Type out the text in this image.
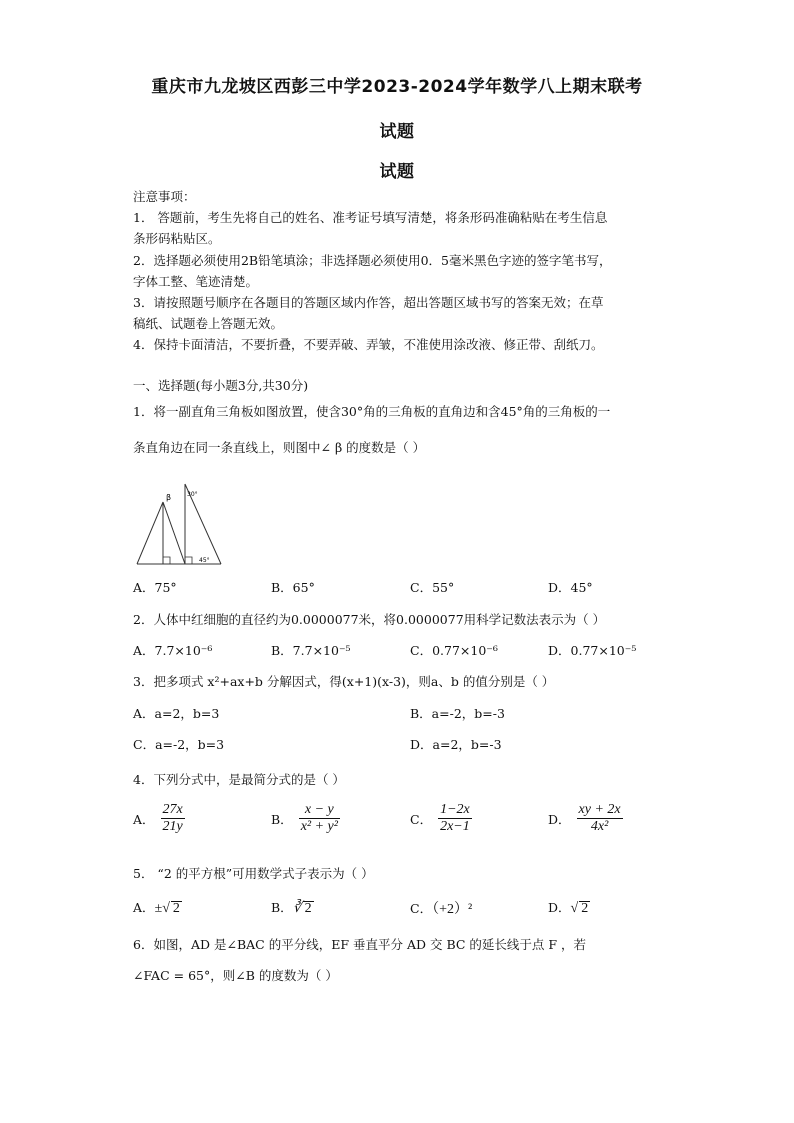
重庆市九龙坡区西彭三中学2023-2024学年数学八上期末联考
试题
试题
注意事项：
1． 答题前，考生先将自己的姓名、准考证号填写清楚，将条形码准确粘贴在考生信息
条形码粘贴区。
2．选择题必须使用2B铅笔填涂；非选择题必须使用0．5毫米黑色字迹的签字笔书写，
字体工整、笔迹清楚。
3．请按照题号顺序在各题目的答题区域内作答，超出答题区域书写的答案无效；在草
稿纸、试题卷上答题无效。
4．保持卡面清洁，不要折叠，不要弄破、弄皱，不准使用涂改液、修正带、刮纸刀。
一、选择题(每小题3分,共30分)
1．将一副直角三角板如图放置，使含30°角的三角板的直角边和含45°角的三角板的一
条直角边在同一条直线上，则图中∠ β 的度数是（ ）
β	30°
45°
A．75°	B．65°	C．55°	D．45°
2．人体中红细胞的直径约为0.0000077米，将0.0000077用科学记数法表示为（ ）
A．7.7×10⁻⁶	B．7.7×10⁻⁵	C．0.77×10⁻⁶	D．0.77×10⁻⁵
3．把多项式 x²+ax+b 分解因式，得(x+1)(x-3)，则a、b 的值分别是（ ）
A．a=2，b=3	B．a=-2，b=-3
C．a=-2，b=3	D．a=2，b=-3
4．下列分式中，是最简分式的是（ ）
A． $\frac{27x}{21y}$	B． $\frac{x - y}{\text{x² + y²}}$	C． $\frac{1-2x}{2x-1}$	D． $\frac{xy + 2x}{\text{4x²}}$
5． “2 的平方根”可用数学式子表示为（ ）
A．±√ 2	B．∛ 2	C．（+2）²	D．√ 2
6．如图，AD 是∠BAC 的平分线，EF 垂直平分 AD 交 BC 的延长线于点 F ，若
∠FAC = 65°，则∠B 的度数为（ ）
